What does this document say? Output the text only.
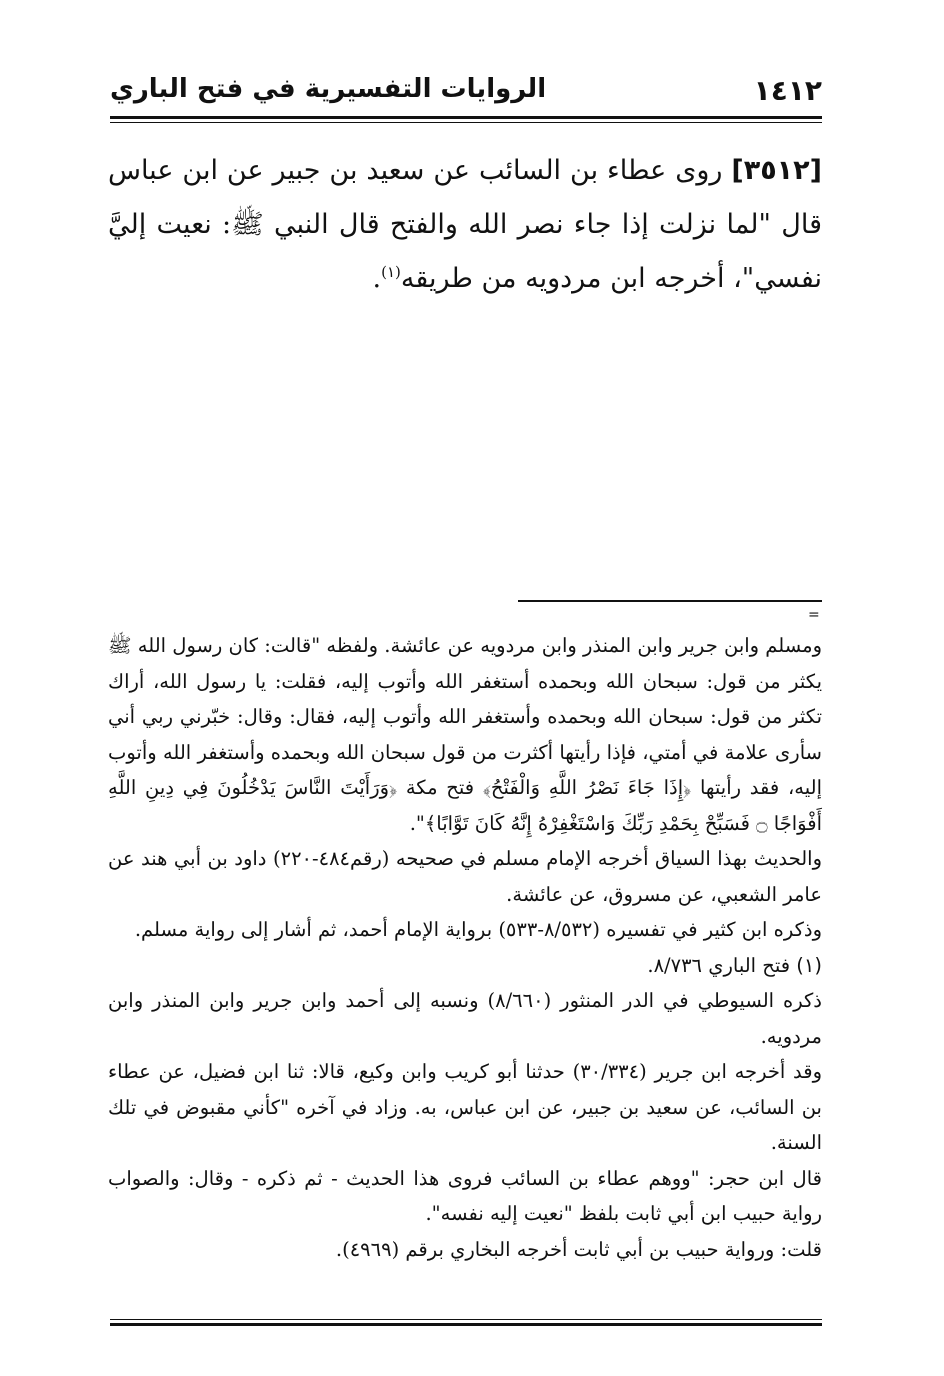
١٤١٢
الروايات التفسيرية في فتح الباري
[٣٥١٢] روى عطاء بن السائب عن سعيد بن جبير عن ابن عباس قال "لما نزلت إذا جاء نصر الله والفتح قال النبي ﷺ: نعيت إليَّ نفسي"، أخرجه ابن مردويه من طريقه$^{(١)}$.
=

ومسلم وابن جرير وابن المنذر وابن مردويه عن عائشة. ولفظه "قالت: كان رسول الله ﷺ يكثر من قول: سبحان الله وبحمده أستغفر الله وأتوب إليه، فقلت: يا رسول الله، أراك تكثر من قول: سبحان الله وبحمده وأستغفر الله وأتوب إليه، فقال: وقال: خبّرني ربي أني سأرى علامة في أمتي، فإذا رأيتها أكثرت من قول سبحان الله وبحمده وأستغفر الله وأتوب إليه، فقد رأيتها ﴿إِذَا جَاءَ نَصْرُ اللَّهِ وَالْفَتْحُ﴾ فتح مكة ﴿وَرَأَيْتَ النَّاسَ يَدْخُلُونَ فِي دِينِ اللَّهِ أَفْوَاجًا ۝ فَسَبِّحْ بِحَمْدِ رَبِّكَ وَاسْتَغْفِرْهُ إِنَّهُ كَانَ تَوَّابًا﴾".

والحديث بهذا السياق أخرجه الإمام مسلم في صحيحه (رقم٤٨٤-٢٢٠) داود بن أبي هند عن عامر الشعبي، عن مسروق، عن عائشة.

وذكره ابن كثير في تفسيره (٨/٥٣٢-٥٣٣) برواية الإمام أحمد، ثم أشار إلى رواية مسلم.

(١) فتح الباري ٨/٧٣٦.

ذكره السيوطي في الدر المنثور (٨/٦٦٠) ونسبه إلى أحمد وابن جرير وابن المنذر وابن مردويه.

وقد أخرجه ابن جرير (٣٠/٣٣٤) حدثنا أبو كريب وابن وكيع، قالا: ثنا ابن فضيل، عن عطاء بن السائب، عن سعيد بن جبير، عن ابن عباس، به. وزاد في آخره "كأني مقبوض في تلك السنة.

قال ابن حجر: "ووهم عطاء بن السائب فروى هذا الحديث - ثم ذكره - وقال: والصواب رواية حبيب ابن أبي ثابت بلفظ "نعيت إليه نفسه".

قلت: ورواية حبيب بن أبي ثابت أخرجه البخاري برقم (٤٩٦٩).
